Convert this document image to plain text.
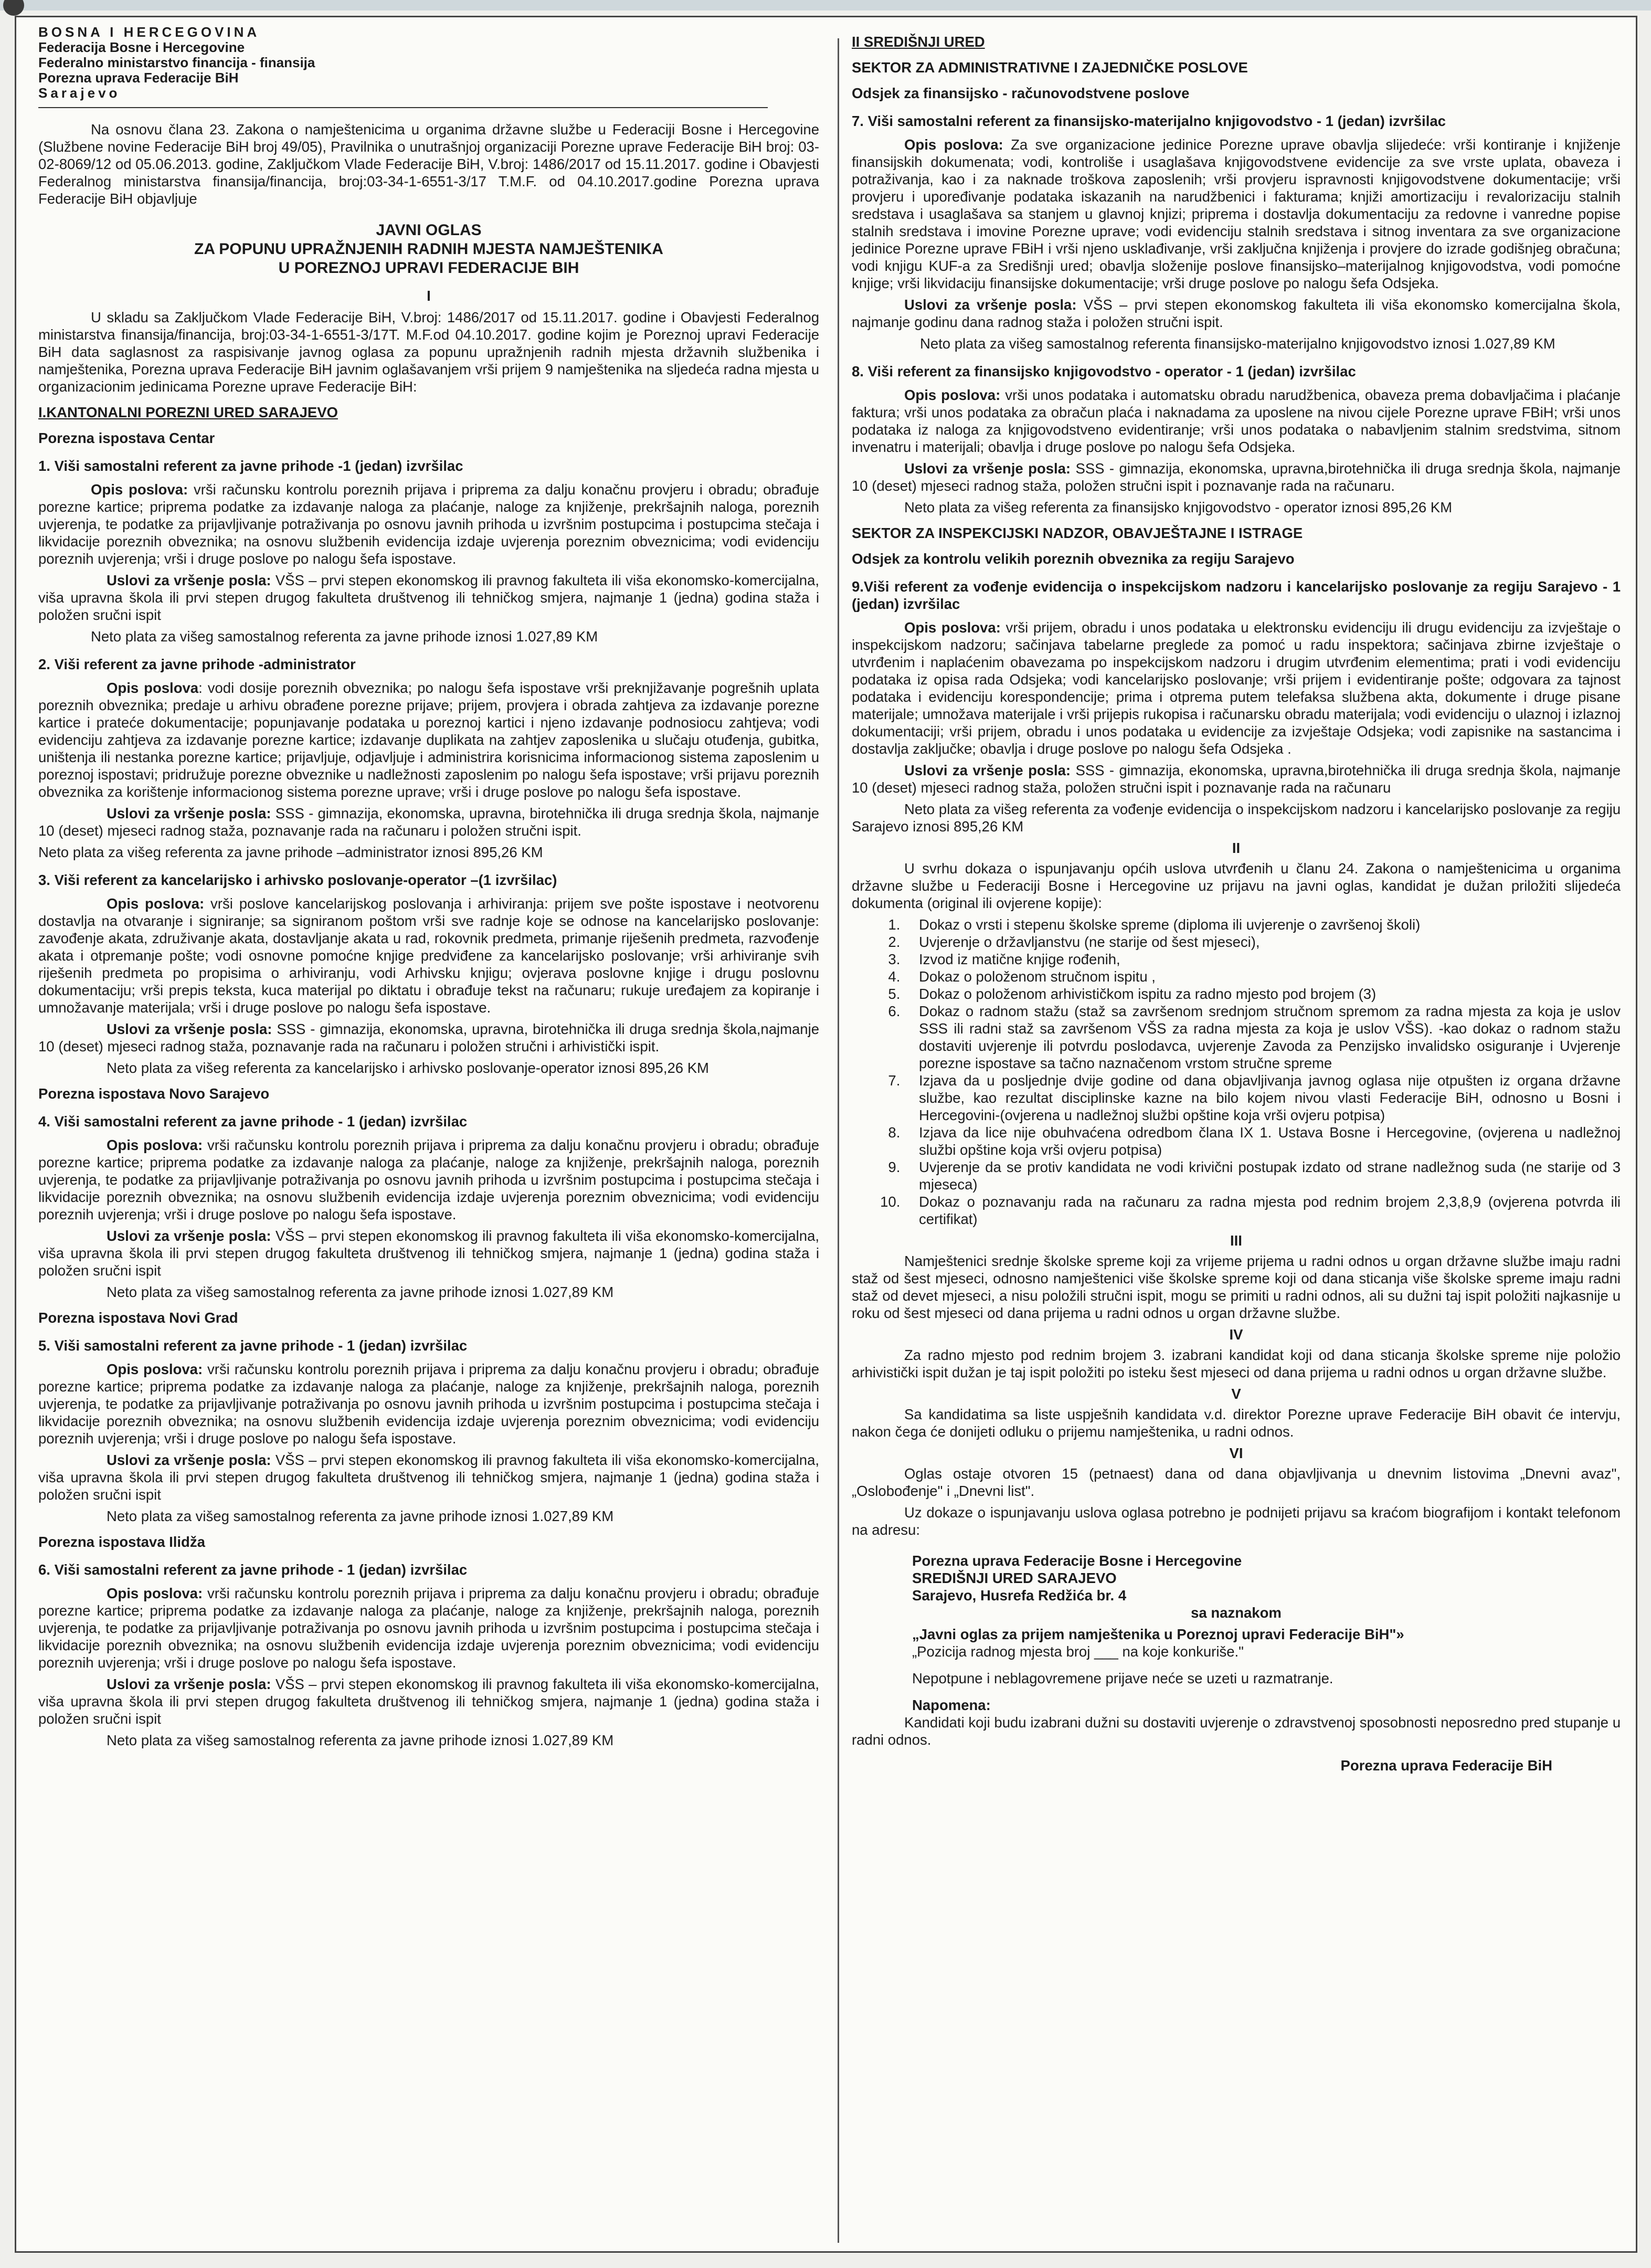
BOSNA I HERCEGOVINA
Federacija Bosne i Hercegovine
Federalno ministarstvo financija - finansija
Porezna uprava Federacije BiH
Sarajevo

Na osnovu člana 23. Zakona o namještenicima u organima državne službe u Federaciji Bosne i Hercegovine (Službene novine Federacije BiH broj 49/05), Pravilnika o unutrašnjoj organizaciji Porezne uprave Federacije BiH broj: 03-02-8069/12 od 05.06.2013. godine, Zaključkom Vlade Federacije BiH, V.broj: 1486/2017 od 15.11.2017. godine i Obavjesti Federalnog ministarstva finansija/financija, broj:03-34-1-6551-3/17 T.M.F. od 04.10.2017.godine Porezna uprava Federacije BiH objavljuje

JAVNI OGLAS

ZA POPUNU UPRAŽNJENIH RADNIH MJESTA NAMJEŠTENIKA

U POREZNOJ UPRAVI FEDERACIJE BIH

I

U skladu sa Zaključkom Vlade Federacije BiH, V.broj: 1486/2017 od 15.11.2017. godine i Obavjesti Federalnog ministarstva finansija/financija, broj:03-34-1-6551-3/17T. M.F.od 04.10.2017. godine kojim je Poreznoj upravi Federacije BiH data saglasnost za raspisivanje javnog oglasa za popunu upražnjenih radnih mjesta državnih službenika i namještenika, Porezna uprava Federacije BiH javnim oglašavanjem vrši prijem 9 namještenika na sljedeća radna mjesta u organizacionim jedinicama Porezne uprave Federacije BiH:

I.KANTONALNI POREZNI URED SARAJEVO

Porezna ispostava Centar

1. Viši samostalni referent za javne prihode -1 (jedan) izvršilac

Opis poslova: vrši računsku kontrolu poreznih prijava i priprema za dalju konačnu provjeru i obradu; obrađuje porezne kartice; priprema podatke za izdavanje naloga za plaćanje, naloge za knjiženje, prekršajnih naloga, poreznih uvjerenja, te podatke za prijavljivanje potraživanja po osnovu javnih prihoda u izvršnim postupcima i postupcima stečaja i likvidacije poreznih obveznika; na osnovu službenih evidencija izdaje uvjerenja poreznim obveznicima; vodi evidenciju poreznih uvjerenja; vrši i druge poslove po nalogu šefa ispostave.

Uslovi za vršenje posla: VŠS – prvi stepen ekonomskog ili pravnog fakulteta ili viša ekonomsko-komercijalna, viša upravna škola ili prvi stepen drugog fakulteta društvenog ili tehničkog smjera, najmanje 1 (jedna) godina staža i položen sručni ispit

Neto plata za višeg samostalnog referenta za javne prihode iznosi 1.027,89 KM

2. Viši referent za javne prihode -administrator

Opis poslova: vodi dosije poreznih obveznika; po nalogu šefa ispostave vrši preknjižavanje pogrešnih uplata poreznih obveznika; predaje u arhivu obrađene porezne prijave; prijem, provjera i obrada zahtjeva za izdavanje porezne kartice i prateće dokumentacije; popunjavanje podataka u poreznoj kartici i njeno izdavanje podnosiocu zahtjeva; vodi evidenciju zahtjeva za izdavanje porezne kartice; izdavanje duplikata na zahtjev zaposlenika u slučaju otuđenja, gubitka, uništenja ili nestanka porezne kartice; prijavljuje, odjavljuje i administrira korisnicima informacionog sistema zaposlenim u poreznoj ispostavi; pridružuje porezne obveznike u nadležnosti zaposlenim po nalogu šefa ispostave; vrši prijavu poreznih obveznika za korištenje informacionog sistema porezne uprave; vrši i druge poslove po nalogu šefa ispostave.

Uslovi za vršenje posla: SSS - gimnazija, ekonomska, upravna, birotehnička ili druga srednja škola, najmanje 10 (deset) mjeseci radnog staža, poznavanje rada na računaru i položen stručni ispit.

Neto plata za višeg referenta za javne prihode –administrator iznosi 895,26 KM

3. Viši referent za kancelarijsko i arhivsko poslovanje-operator –(1 izvršilac)

Opis poslova: vrši poslove kancelarijskog poslovanja i arhiviranja: prijem sve pošte ispostave i neotvorenu dostavlja na otvaranje i signiranje; sa signiranom poštom vrši sve radnje koje se odnose na kancelarijsko poslovanje: zavođenje akata, združivanje akata, dostavljanje akata u rad, rokovnik predmeta, primanje riješenih predmeta, razvođenje akata i otpremanje pošte; vodi osnovne pomoćne knjige predviđene za kancelarijsko poslovanje; vrši arhiviranje svih riješenih predmeta po propisima o arhiviranju, vodi Arhivsku knjigu; ovjerava poslovne knjige i drugu poslovnu dokumentaciju; vrši prepis teksta, kuca materijal po diktatu i obrađuje tekst na računaru; rukuje uređajem za kopiranje i umnožavanje materijala; vrši i druge poslove po nalogu šefa ispostave.

Uslovi za vršenje posla: SSS - gimnazija, ekonomska, upravna, birotehnička ili druga srednja škola,najmanje 10 (deset) mjeseci radnog staža, poznavanje rada na računaru i položen stručni i arhivistički ispit.

Neto plata za višeg referenta za kancelarijsko i arhivsko poslovanje-operator iznosi 895,26 KM

Porezna ispostava Novo Sarajevo

4. Viši samostalni referent za javne prihode - 1 (jedan) izvršilac

Opis poslova: vrši računsku kontrolu poreznih prijava i priprema za dalju konačnu provjeru i obradu; obrađuje porezne kartice; priprema podatke za izdavanje naloga za plaćanje, naloge za knjiženje, prekršajnih naloga, poreznih uvjerenja, te podatke za prijavljivanje potraživanja po osnovu javnih prihoda u izvršnim postupcima i postupcima stečaja i likvidacije poreznih obveznika; na osnovu službenih evidencija izdaje uvjerenja poreznim obveznicima; vodi evidenciju poreznih uvjerenja; vrši i druge poslove po nalogu šefa ispostave.

Uslovi za vršenje posla: VŠS – prvi stepen ekonomskog ili pravnog fakulteta ili viša ekonomsko-komercijalna, viša upravna škola ili prvi stepen drugog fakulteta društvenog ili tehničkog smjera, najmanje 1 (jedna) godina staža i položen sručni ispit

Neto plata za višeg samostalnog referenta za javne prihode iznosi 1.027,89 KM

Porezna ispostava Novi Grad

5. Viši samostalni referent za javne prihode - 1 (jedan) izvršilac

Opis poslova: vrši računsku kontrolu poreznih prijava i priprema za dalju konačnu provjeru i obradu; obrađuje porezne kartice; priprema podatke za izdavanje naloga za plaćanje, naloge za knjiženje, prekršajnih naloga, poreznih uvjerenja, te podatke za prijavljivanje potraživanja po osnovu javnih prihoda u izvršnim postupcima i postupcima stečaja i likvidacije poreznih obveznika; na osnovu službenih evidencija izdaje uvjerenja poreznim obveznicima; vodi evidenciju poreznih uvjerenja; vrši i druge poslove po nalogu šefa ispostave.

Uslovi za vršenje posla: VŠS – prvi stepen ekonomskog ili pravnog fakulteta ili viša ekonomsko-komercijalna, viša upravna škola ili prvi stepen drugog fakulteta društvenog ili tehničkog smjera, najmanje 1 (jedna) godina staža i položen sručni ispit

Neto plata za višeg samostalnog referenta za javne prihode iznosi 1.027,89 KM

Porezna ispostava Ilidža

6. Viši samostalni referent za javne prihode - 1 (jedan) izvršilac

Opis poslova: vrši računsku kontrolu poreznih prijava i priprema za dalju konačnu provjeru i obradu; obrađuje porezne kartice; priprema podatke za izdavanje naloga za plaćanje, naloge za knjiženje, prekršajnih naloga, poreznih uvjerenja, te podatke za prijavljivanje potraživanja po osnovu javnih prihoda u izvršnim postupcima i postupcima stečaja i likvidacije poreznih obveznika; na osnovu službenih evidencija izdaje uvjerenja poreznim obveznicima; vodi evidenciju poreznih uvjerenja; vrši i druge poslove po nalogu šefa ispostave.

Uslovi za vršenje posla: VŠS – prvi stepen ekonomskog ili pravnog fakulteta ili viša ekonomsko-komercijalna, viša upravna škola ili prvi stepen drugog fakulteta društvenog ili tehničkog smjera, najmanje 1 (jedna) godina staža i položen sručni ispit

Neto plata za višeg samostalnog referenta za javne prihode iznosi 1.027,89 KM

II SREDIŠNJI URED

SEKTOR ZA ADMINISTRATIVNE I ZAJEDNIČKE POSLOVE

Odsjek za finansijsko - računovodstvene poslove

7. Viši samostalni referent za finansijsko-materijalno knjigovodstvo - 1 (jedan) izvršilac

Opis poslova: Za sve organizacione jedinice Porezne uprave obavlja slijedeće: vrši kontiranje i knjiženje finansijskih dokumenata; vodi, kontroliše i usaglašava knjigovodstvene evidencije za sve vrste uplata, obaveza i potraživanja, kao i za naknade troškova zaposlenih; vrši provjeru ispravnosti knjigovodstvene dokumentacije; vrši provjeru i upoređivanje podataka iskazanih na narudžbenici i fakturama; knjiži amortizaciju i revalorizaciju stalnih sredstava i usaglašava sa stanjem u glavnoj knjizi; priprema i dostavlja dokumentaciju za redovne i vanredne popise stalnih sredstava i imovine Porezne uprave; vodi evidenciju stalnih sredstava i sitnog inventara za sve organizacione jedinice Porezne uprave FBiH i vrši njeno usklađivanje, vrši zaključna knjiženja i provjere do izrade godišnjeg obračuna; vodi knjigu KUF-a za Središnji ured; obavlja složenije poslove finansijsko–materijalnog knjigovodstva, vodi pomoćne knjige; vrši likvidaciju finansijske dokumentacije; vrši druge poslove po nalogu šefa Odsjeka.

Uslovi za vršenje posla: VŠS – prvi stepen ekonomskog fakulteta ili viša ekonomsko komercijalna škola, najmanje godinu dana radnog staža i položen stručni ispit.

Neto plata za višeg samostalnog referenta finansijsko-materijalno knjigovodstvo iznosi 1.027,89 KM

8. Viši referent za finansijsko knjigovodstvo - operator - 1 (jedan) izvršilac

Opis poslova: vrši unos podataka i automatsku obradu narudžbenica, obaveza prema dobavljačima i plaćanje faktura; vrši unos podataka za obračun plaća i naknadama za uposlene na nivou cijele Porezne uprave FBiH; vrši unos podataka iz naloga za knjigovodstveno evidentiranje; vrši unos podataka o nabavljenim stalnim sredstvima, sitnom invenatru i materijali; obavlja i druge poslove po nalogu šefa Odsjeka.

Uslovi za vršenje posla: SSS - gimnazija, ekonomska, upravna,birotehnička ili druga srednja škola, najmanje 10 (deset) mjeseci radnog staža, položen stručni ispit i poznavanje rada na računaru.

Neto plata za višeg referenta za finansijsko knjigovodstvo - operator iznosi 895,26 KM

SEKTOR ZA INSPEKCIJSKI NADZOR, OBAVJEŠTAJNE I ISTRAGE

Odsjek za kontrolu velikih poreznih obveznika za regiju Sarajevo

9.Viši referent za vođenje evidencija o inspekcijskom nadzoru i kancelarijsko poslovanje za regiju Sarajevo - 1 (jedan) izvršilac

Opis poslova: vrši prijem, obradu i unos podataka u elektronsku evidenciju ili drugu evidenciju za izvještaje o inspekcijskom nadzoru; sačinjava tabelarne preglede za pomoć u radu inspektora; sačinjava zbirne izvještaje o utvrđenim i naplaćenim obavezama po inspekcijskom nadzoru i drugim utvrđenim elementima; prati i vodi evidenciju podataka iz opisa rada Odsjeka; vodi kancelarijsko poslovanje; vrši prijem i evidentiranje pošte; odgovara za tajnost podataka i evidenciju korespondencije; prima i otprema putem telefaksa službena akta, dokumente i druge pisane materijale; umnožava materijale i vrši prijepis rukopisa i računarsku obradu materijala; vodi evidenciju o ulaznoj i izlaznoj dokumentaciji; vrši prijem, obradu i unos podataka u evidencije za izvještaje Odsjeka; vodi zapisnike na sastancima i dostavlja zaključke; obavlja i druge poslove po nalogu šefa Odsjeka .

Uslovi za vršenje posla: SSS - gimnazija, ekonomska, upravna,birotehnička ili druga srednja škola, najmanje 10 (deset) mjeseci radnog staža, položen stručni ispit i poznavanje rada na računaru

Neto plata za višeg referenta za vođenje evidencija o inspekcijskom nadzoru i kancelarijsko poslovanje za regiju Sarajevo iznosi 895,26 KM

II

U svrhu dokaza o ispunjavanju općih uslova utvrđenih u članu 24. Zakona o namještenicima u organima državne službe u Federaciji Bosne i Hercegovine uz prijavu na javni oglas, kandidat je dužan priložiti slijedeća dokumenta (original ili ovjerene kopije):

1. Dokaz o vrsti i stepenu školske spreme (diploma ili uvjerenje o završenoj školi)
2. Uvjerenje o državljanstvu (ne starije od šest mjeseci),
3. Izvod iz matične knjige rođenih,
4. Dokaz o položenom stručnom ispitu ,
5. Dokaz o položenom arhivističkom ispitu za radno mjesto pod brojem (3)
6. Dokaz o radnom stažu (staž sa završenom srednjom stručnom spremom za radna mjesta za koja je uslov SSS ili radni staž sa završenom VŠS za radna mjesta za koja je uslov VŠS). -kao dokaz o radnom stažu dostaviti uvjerenje ili potvrdu poslodavca, uvjerenje Zavoda za Penzijsko invalidsko osiguranje i Uvjerenje porezne ispostave sa tačno naznačenom vrstom stručne spreme
7. Izjava da u posljednje dvije godine od dana objavljivanja javnog oglasa nije otpušten iz organa državne službe, kao rezultat disciplinske kazne na bilo kojem nivou vlasti Federacije BiH, odnosno u Bosni i Hercegovini-(ovjerena u nadležnoj službi opštine koja vrši ovjeru potpisa)
8. Izjava da lice nije obuhvaćena odredbom člana IX 1. Ustava Bosne i Hercegovine, (ovjerena u nadležnoj službi opštine koja vrši ovjeru potpisa)
9. Uvjerenje da se protiv kandidata ne vodi krivični postupak izdato od strane nadležnog suda (ne starije od 3 mjeseca)
10. Dokaz o poznavanju rada na računaru za radna mjesta pod rednim brojem 2,3,8,9 (ovjerena potvrda ili certifikat)

III

Namještenici srednje školske spreme koji za vrijeme prijema u radni odnos u organ državne službe imaju radni staž od šest mjeseci, odnosno namještenici više školske spreme koji od dana sticanja više školske spreme imaju radni staž od devet mjeseci, a nisu položili stručni ispit, mogu se primiti u radni odnos, ali su dužni taj ispit položiti najkasnije u roku od šest mjeseci od dana prijema u radni odnos u organ državne službe.

IV

Za radno mjesto pod rednim brojem 3. izabrani kandidat koji od dana sticanja školske spreme nije položio arhivistički ispit dužan je taj ispit položiti po isteku šest mjeseci od dana prijema u radni odnos u organ državne službe.

V

Sa kandidatima sa liste uspješnih kandidata v.d. direktor Porezne uprave Federacije BiH obavit će intervju, nakon čega će donijeti odluku o prijemu namještenika, u radni odnos.

VI

Oglas ostaje otvoren 15 (petnaest) dana od dana objavljivanja u dnevnim listovima „Dnevni avaz", „Oslobođenje" i „Dnevni list".

Uz dokaze o ispunjavanju uslova oglasa potrebno je podnijeti prijavu sa kraćom biografijom i kontakt telefonom na adresu:

Porezna uprava Federacije Bosne i Hercegovine

SREDIŠNJI URED SARAJEVO

Sarajevo, Husrefa Redžića br. 4

sa naznakom

„Javni oglas za prijem namještenika u Poreznoj upravi Federacije BiH"»

„Pozicija radnog mjesta broj ___ na koje konkuriše."

Nepotpune i neblagovremene prijave neće se uzeti u razmatranje.

Napomena:

Kandidati koji budu izabrani dužni su dostaviti uvjerenje o zdravstvenoj sposobnosti neposredno pred stupanje u radni odnos.

Porezna uprava Federacije BiH
